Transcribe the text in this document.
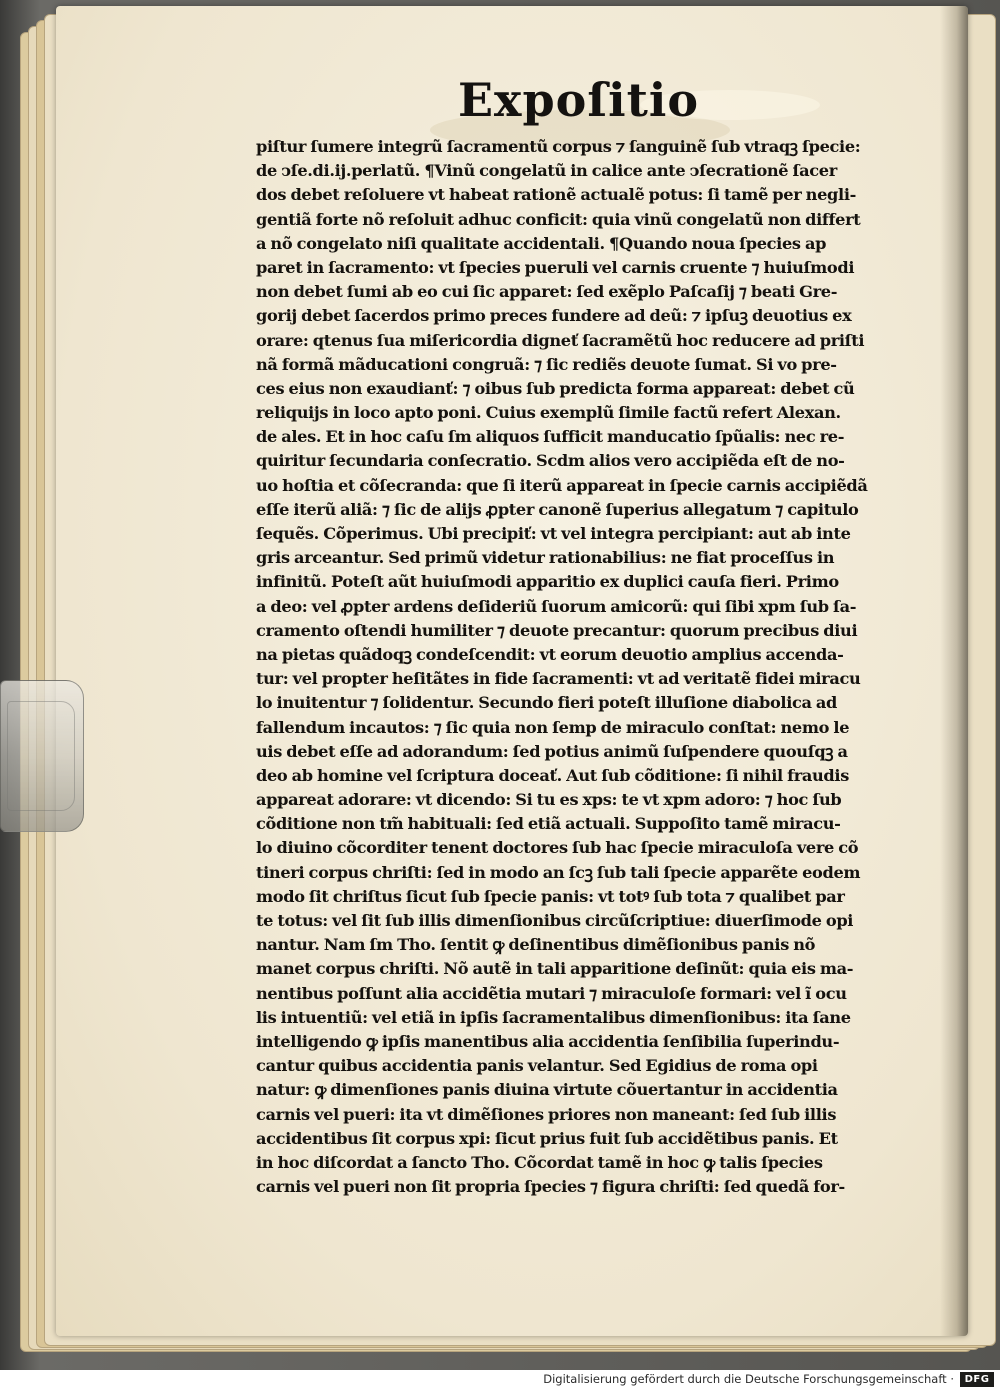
Expoſitio
piſtur ſumere integrũ ſacramentũ corpus ⁊ ſanguinẽ ſub vtraqꝫ ſpecie:
de ↄſe.di.ij.perlatũ. ¶Vinũ congelatũ in calice ante ↄſecrationẽ ſacer
dos debet reſoluere vt habeat rationẽ actualẽ potus: ſi tamẽ per negli-
gentiã forte nõ reſoluit adhuc conficit: quia vinũ congelatũ non differt
a nõ congelato niſi qualitate accidentali. ¶Quando noua ſpecies ap
paret in ſacramento: vt ſpecies pueruli vel carnis cruente ⁊ huiuſmodi
non debet ſumi ab eo cui ſic apparet: ſed exẽplo Paſcaſij ⁊ beati Gre-
gorij debet ſacerdos primo preces fundere ad deũ: ⁊ ipſuꝫ deuotius ex
orare: qtenus ſua miſericordia digneť ſacramẽtũ hoc reducere ad priſti
nã formã mãducationi congruã: ⁊ ſic rediẽs deuote ſumat. Si vo pre-
ces eius non exaudianť: ⁊ oibus ſub predicta forma appareat: debet cũ
reliquijs in loco apto poni. Cuius exemplũ ſimile factũ refert Alexan.
de ales. Et in hoc caſu ſm aliquos ſufficit manducatio ſpũalis: nec re-
quiritur ſecundaria conſecratio. Scdm alios vero accipiẽda eſt de no-
uo hoſtia et cõſecranda: que ſi iterũ appareat in ſpecie carnis accipiẽdã
eſſe iterũ aliã: ⁊ ſic de alijs ꝓpter canonẽ ſuperius allegatum ⁊ capitulo
ſequẽs. Cõperimus. Ubi precipiť: vt vel integra percipiant: aut ab inte
gris arceantur. Sed primũ videtur rationabilius: ne fiat proceſſus in
infinitũ. Poteſt aũt huiuſmodi apparitio ex duplici cauſa fieri. Primo
a deo: vel ꝓpter ardens deſideriũ ſuorum amicorũ: qui ſibi xpm ſub ſa-
cramento oſtendi humiliter ⁊ deuote precantur: quorum precibus diui
na pietas quãdoqꝫ condeſcendit: vt eorum deuotio amplius accenda-
tur: vel propter heſitãtes in fide ſacramenti: vt ad veritatẽ fidei miracu
lo inuitentur ⁊ ſolidentur. Secundo fieri poteſt illuſione diabolica ad
fallendum incautos: ⁊ ſic quia non ſemp de miraculo conſtat: nemo le
uis debet eſſe ad adorandum: ſed potius animũ ſuſpendere quouſqꝫ a
deo ab homine vel ſcriptura doceať. Aut ſub cõditione: ſi nihil fraudis
appareat adorare: vt dicendo: Si tu es xps: te vt xpm adoro: ⁊ hoc ſub
cõditione non tm̃ habituali: ſed etiã actuali. Suppoſito tamẽ miracu-
lo diuino cõcorditer tenent doctores ſub hac ſpecie miraculoſa vere cõ
tineri corpus chriſti: ſed in modo an ſcꝫ ſub tali ſpecie apparẽte eodem
modo ſit chriſtus ſicut ſub ſpecie panis: vt totꝰ ſub tota ⁊ qualibet par
te totus: vel ſit ſub illis dimenſionibus circũſcriptiue: diuerſimode opi
nantur. Nam ſm Tho. ſentit ꝙ deſinentibus dimẽſionibus panis nõ
manet corpus chriſti. Nõ autẽ in tali apparitione deſinũt: quia eis ma-
nentibus poſſunt alia accidẽtia mutari ⁊ miraculoſe formari: vel ĩ ocu
lis intuentiũ: vel etiã in ipſis ſacramentalibus dimenſionibus: ita ſane
intelligendo ꝙ ipſis manentibus alia accidentia ſenſibilia ſuperindu-
cantur quibus accidentia panis velantur. Sed Egidius de roma opi
natur: ꝙ dimenſiones panis diuina virtute cõuertantur in accidentia
carnis vel pueri: ita vt dimẽſiones priores non maneant: ſed ſub illis
accidentibus ſit corpus xpi: ſicut prius fuit ſub accidẽtibus panis. Et
in hoc diſcordat a ſancto Tho. Cõcordat tamẽ in hoc ꝙ talis ſpecies
carnis vel pueri non ſit propria ſpecies ⁊ figura chriſti: ſed quedã for-
Digitalisierung gefördert durch die Deutsche Forschungsgemeinschaft ·	DFG
